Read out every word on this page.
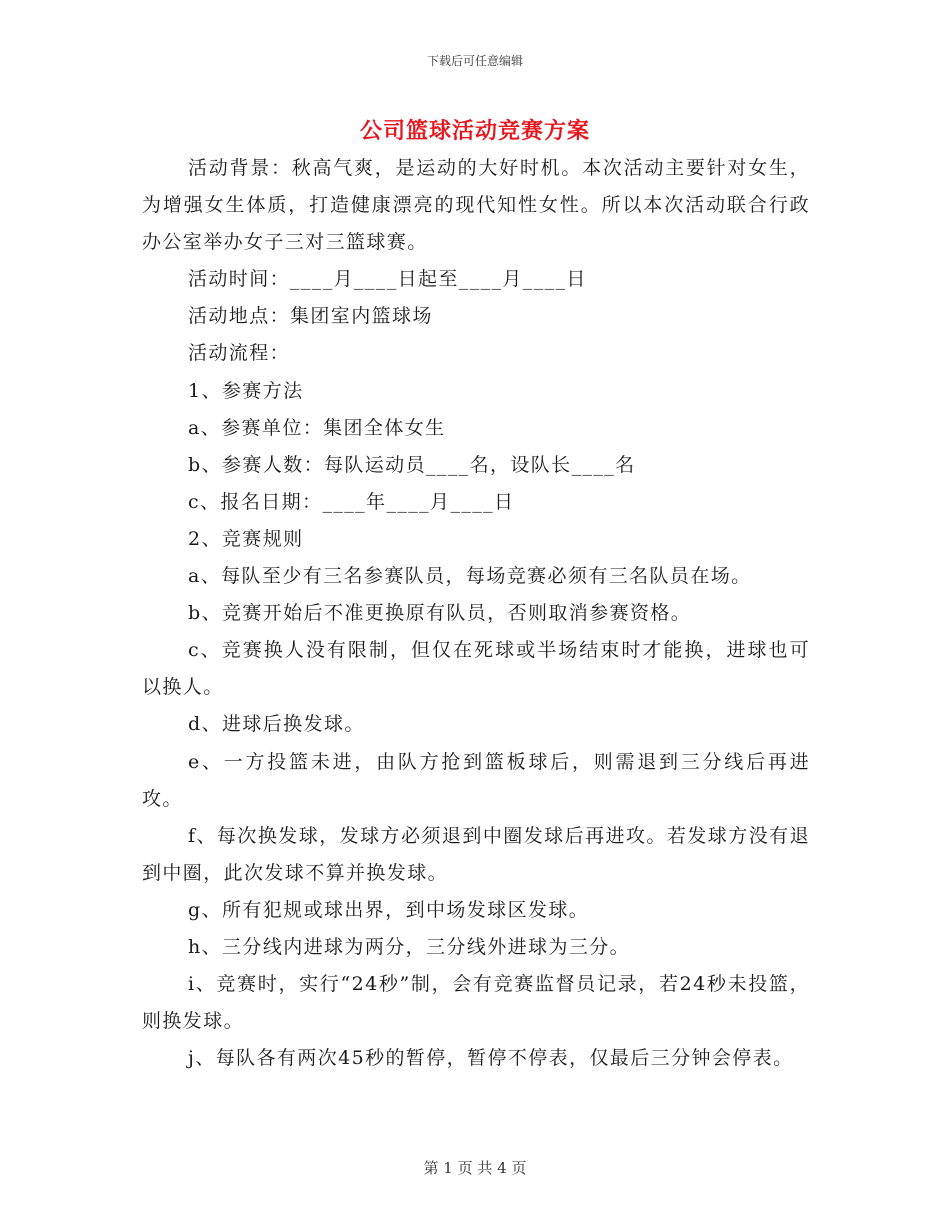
下载后可任意编辑
公司篮球活动竞赛方案

活动背景：秋高气爽，是运动的大好时机。本次活动主要针对女生，为增强女生体质，打造健康漂亮的现代知性女性。所以本次活动联合行政办公室举办女子三对三篮球赛。

活动时间：____月____日起至____月____日

活动地点：集团室内篮球场

活动流程：

1、参赛方法

a、参赛单位：集团全体女生

b、参赛人数：每队运动员____名，设队长____名

c、报名日期：____年____月____日

2、竞赛规则

a、每队至少有三名参赛队员，每场竞赛必须有三名队员在场。

b、竞赛开始后不准更换原有队员，否则取消参赛资格。

c、竞赛换人没有限制，但仅在死球或半场结束时才能换，进球也可以换人。

d、进球后换发球。

e、一方投篮未进，由队方抢到篮板球后，则需退到三分线后再进攻。

f、每次换发球，发球方必须退到中圈发球后再进攻。若发球方没有退到中圈，此次发球不算并换发球。

g、所有犯规或球出界，到中场发球区发球。

h、三分线内进球为两分，三分线外进球为三分。

i、竞赛时，实行“24秒”制，会有竞赛监督员记录，若24秒未投篮，则换发球。

j、每队各有两次45秒的暂停，暂停不停表，仅最后三分钟会停表。

第 1 页 共 4 页
